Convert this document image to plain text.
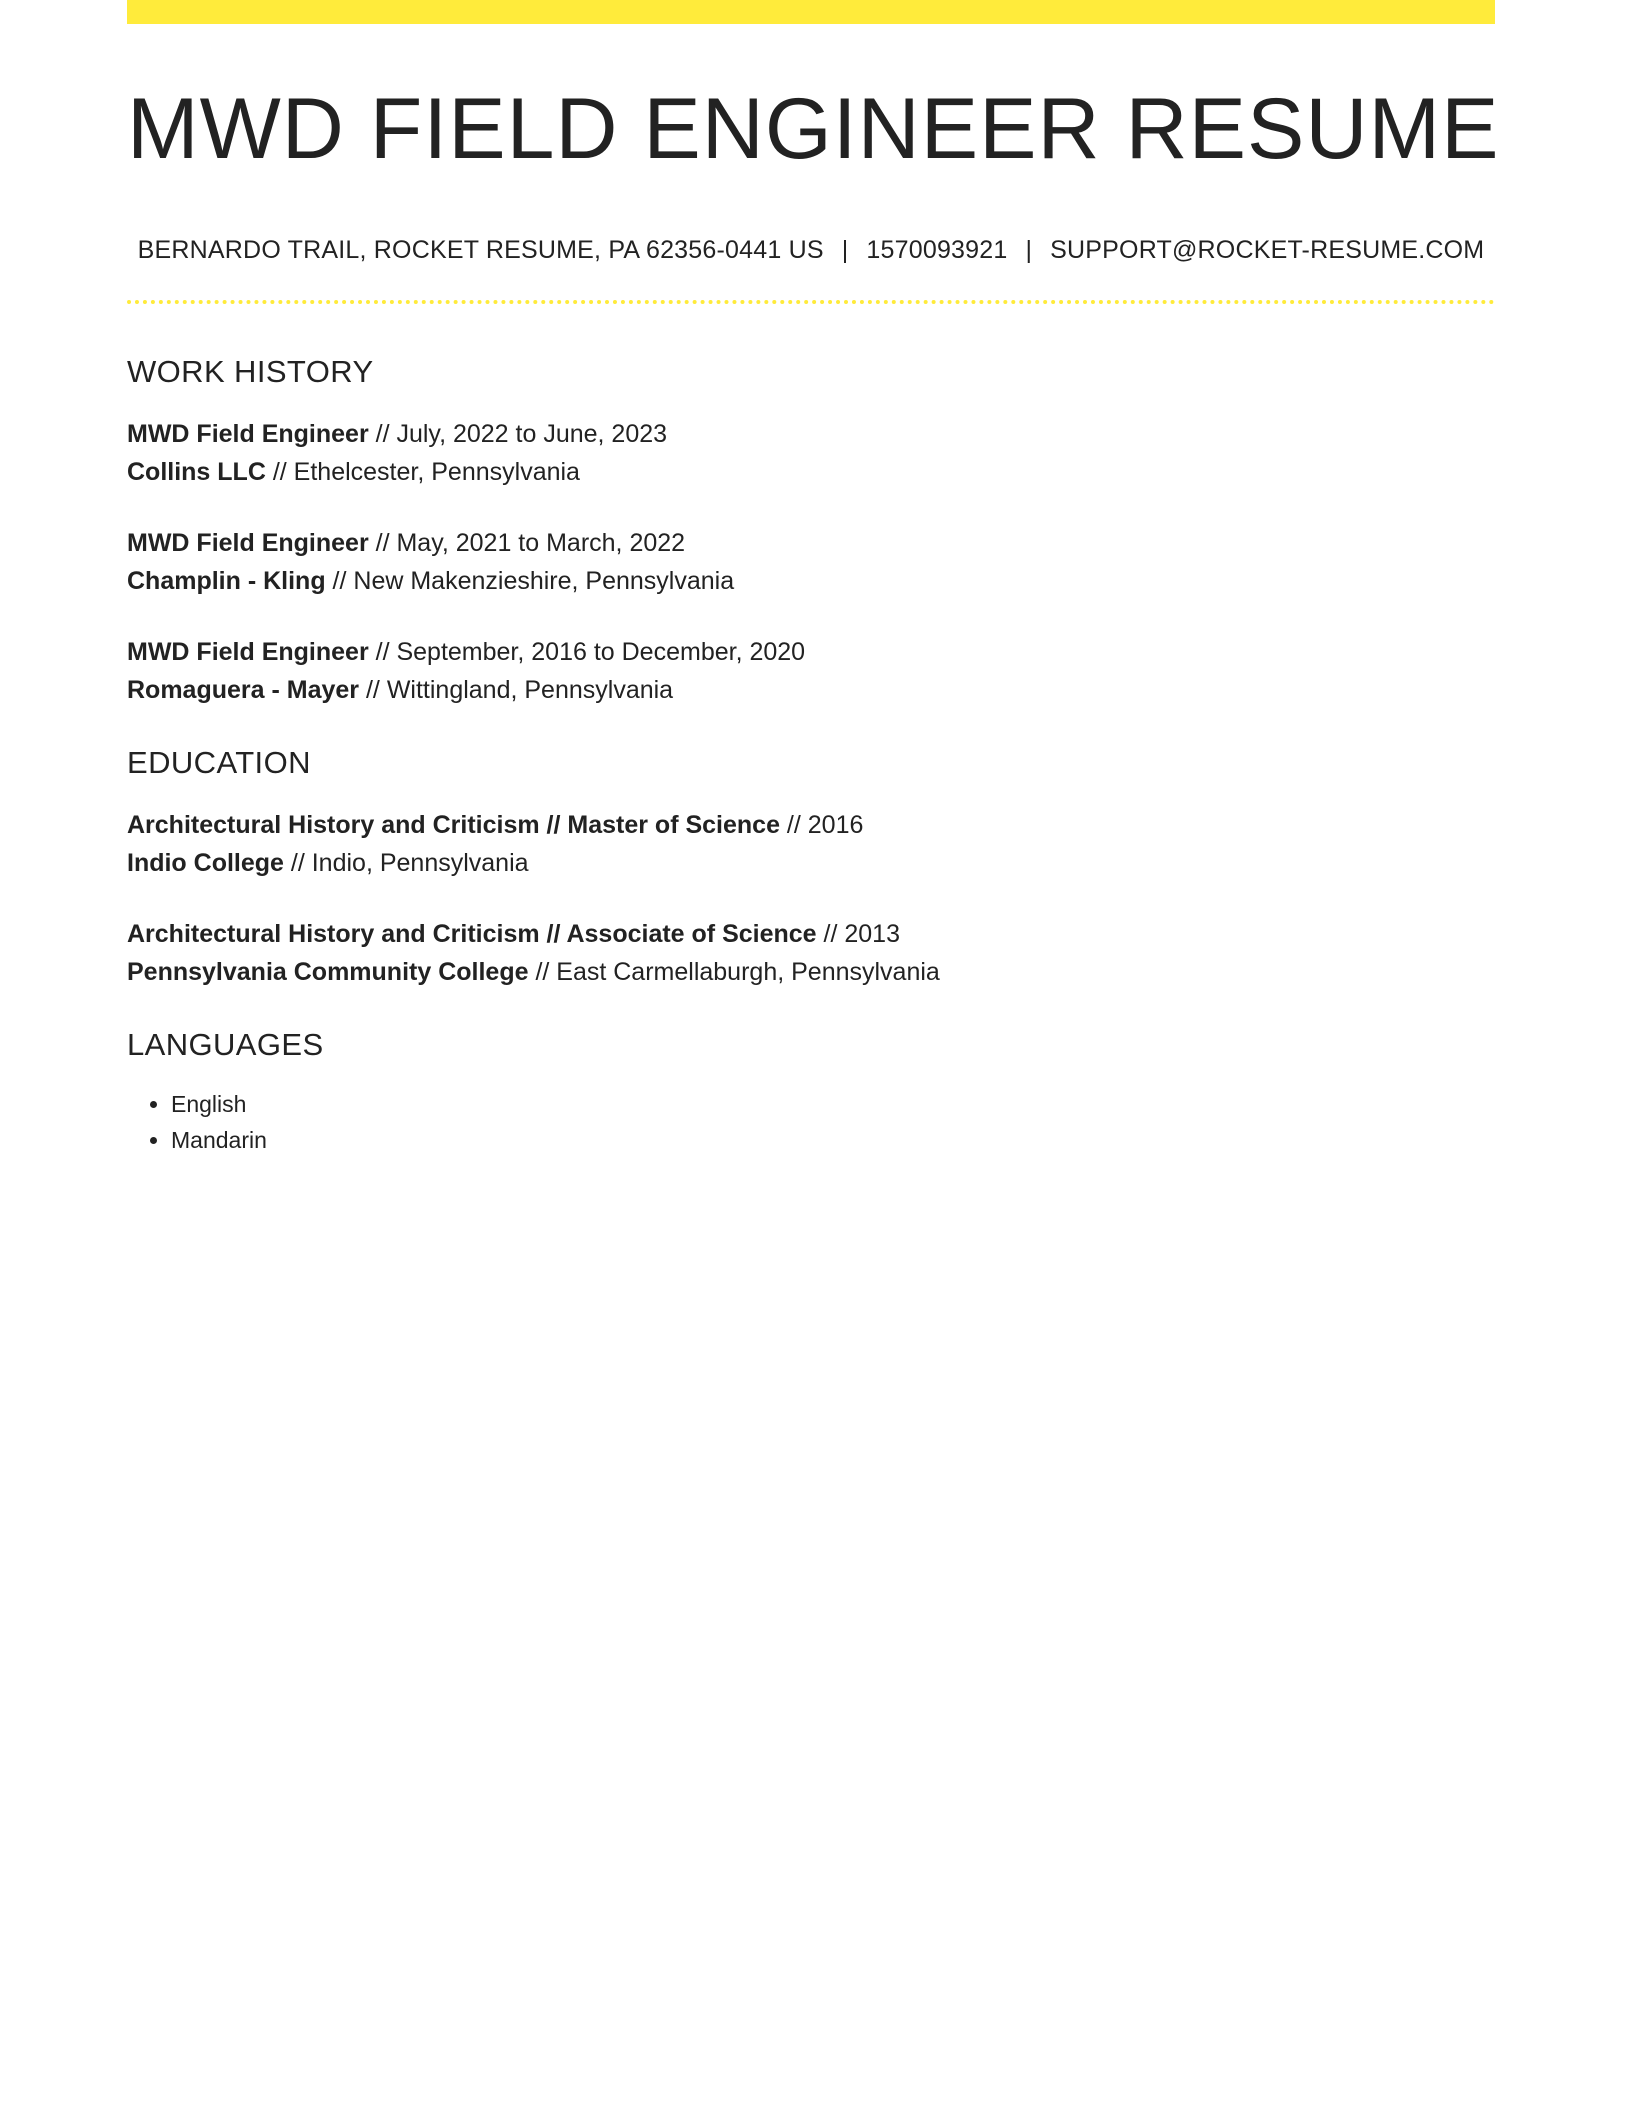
MWD FIELD ENGINEER RESUME
BERNARDO TRAIL, ROCKET RESUME, PA 62356-0441 US | 1570093921 | SUPPORT@ROCKET-RESUME.COM
WORK HISTORY
MWD Field Engineer // July, 2022 to June, 2023
Collins LLC // Ethelcester, Pennsylvania
MWD Field Engineer // May, 2021 to March, 2022
Champlin - Kling // New Makenzieshire, Pennsylvania
MWD Field Engineer // September, 2016 to December, 2020
Romaguera - Mayer // Wittingland, Pennsylvania
EDUCATION
Architectural History and Criticism // Master of Science // 2016
Indio College // Indio, Pennsylvania
Architectural History and Criticism // Associate of Science // 2013
Pennsylvania Community College // East Carmellaburgh, Pennsylvania
LANGUAGES
• English
• Mandarin
